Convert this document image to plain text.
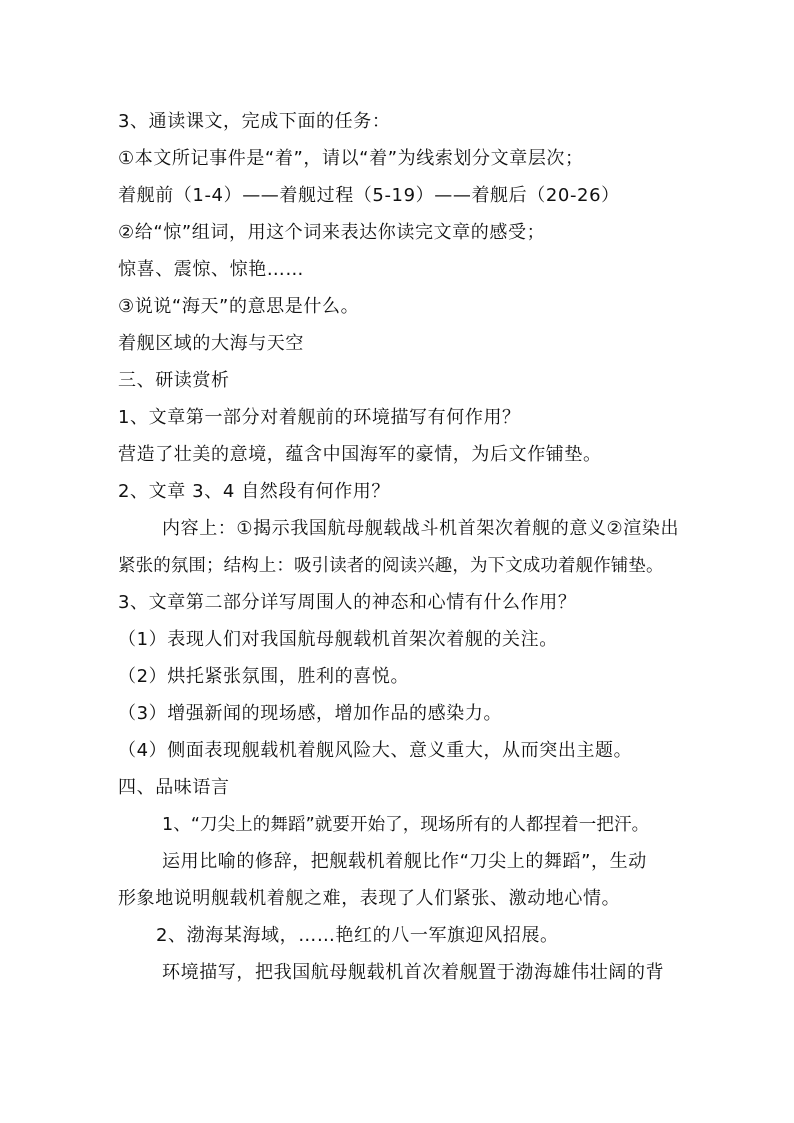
3、通读课文，完成下面的任务：
①本文所记事件是“着”，请以“着”为线索划分文章层次；
着舰前（1-4）——着舰过程（5-19）——着舰后（20-26）
②给“惊”组词，用这个词来表达你读完文章的感受；
惊喜、震惊、惊艳……
③说说“海天”的意思是什么。
着舰区域的大海与天空
三、研读赏析
1、文章第一部分对着舰前的环境描写有何作用？
营造了壮美的意境，蕴含中国海军的豪情，为后文作铺垫。
2、文章 3、4 自然段有何作用？
内容上：①揭示我国航母舰载战斗机首架次着舰的意义②渲染出
紧张的氛围；结构上：吸引读者的阅读兴趣，为下文成功着舰作铺垫。
3、文章第二部分详写周围人的神态和心情有什么作用？
（1）表现人们对我国航母舰载机首架次着舰的关注。
（2）烘托紧张氛围，胜利的喜悦。
（3）增强新闻的现场感，增加作品的感染力。
（4）侧面表现舰载机着舰风险大、意义重大，从而突出主题。
四、品味语言
1、“刀尖上的舞蹈”就要开始了，现场所有的人都捏着一把汗。
运用比喻的修辞，把舰载机着舰比作“刀尖上的舞蹈”，生动
形象地说明舰载机着舰之难，表现了人们紧张、激动地心情。
2、渤海某海域，……艳红的八一军旗迎风招展。
环境描写，把我国航母舰载机首次着舰置于渤海雄伟壮阔的背
